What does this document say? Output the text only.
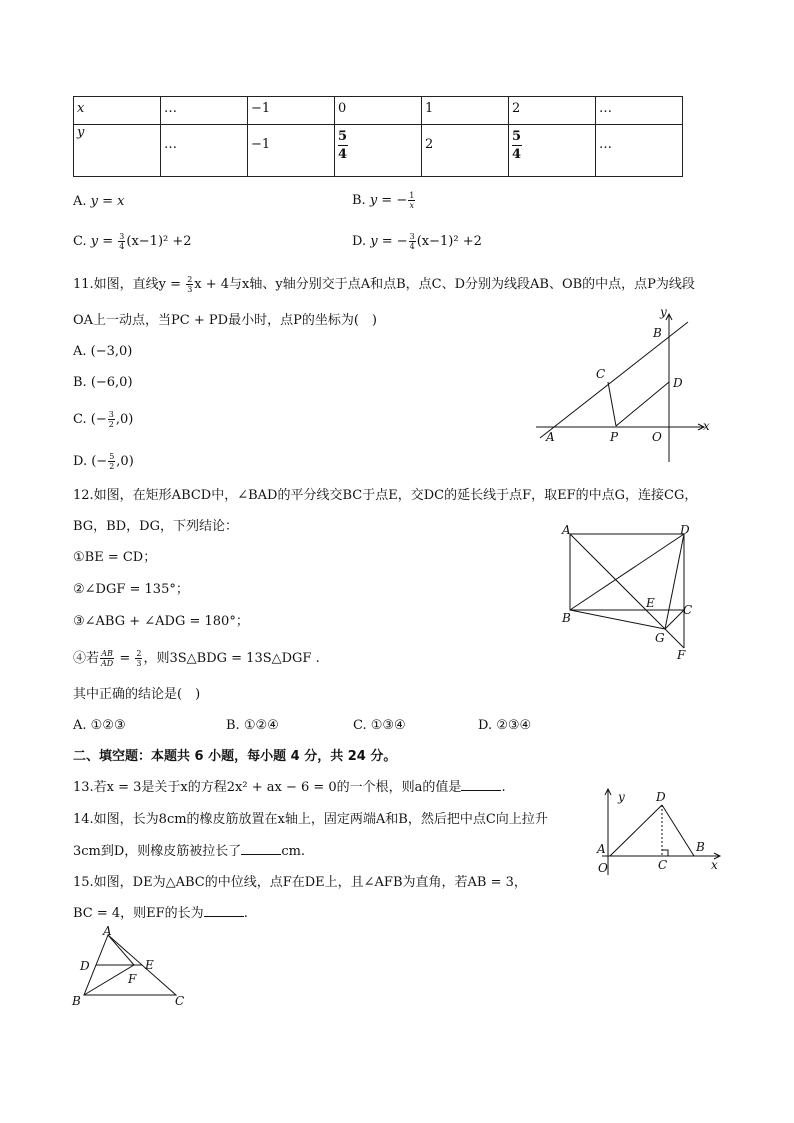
x	…	−1	0	1	2	…
y	…	−1	$\frac{5}{4}$	2	$\frac{5}{4}$	…
A. y = x	B. y = − $\frac{1}{x}$
C. $y = \frac{3}{4} (x-1)^2 +2$	D. y = − $\frac{3}{4} (x-1)^2 +2$
11.如图，直线$y = \frac{2}{3}$ x + 4与x轴、y轴分别交于点A和点B，点C、D分别为线段AB、OB的中点，点P为线段
OA上一动点，当PC + PD最小时，点P的坐标为(　)
A. (−3,0)
B. (−6,0)
C. (− $\frac{3}{2} ,0$)
D. (− $\frac{5}{2} ,0$)
y
B
C
D
x
A	P	O
12.如图，在矩形ABCD中，∠BAD的平分线交BC于点E，交DC的延长线于点F，取EF的中点G，连接CG，
BG，BD，DG，下列结论：
①BE = CD；
②∠DGF = 135°；
③∠ABG + ∠ADG = 180°；
④若 $\frac{AB}{AD} = \frac{2}{3}$ ，则3S△BDG = 13S△DGF .
其中正确的结论是(　)
A. ①②③	B. ①②④	C. ①③④	D. ②③④
A	D
E C
B
G
F
二、填空题：本题共 6 小题，每小题 4 分，共 24 分。
13.若x = 3是关于x的方程2x² + ax − 6 = 0的一个根，则a的值是	.
14.如图，长为8cm的橡皮筋放置在x轴上，固定两端A和B，然后把中点C向上拉升
3cm到D，则橡皮筋被拉长了	cm.
y	D
A	B
O	C	x
15.如图，DE为△ABC的中位线，点F在DE上，且∠AFB为直角，若AB = 3，
BC = 4，则EF的长为	.
A
D	E
F
B	C
